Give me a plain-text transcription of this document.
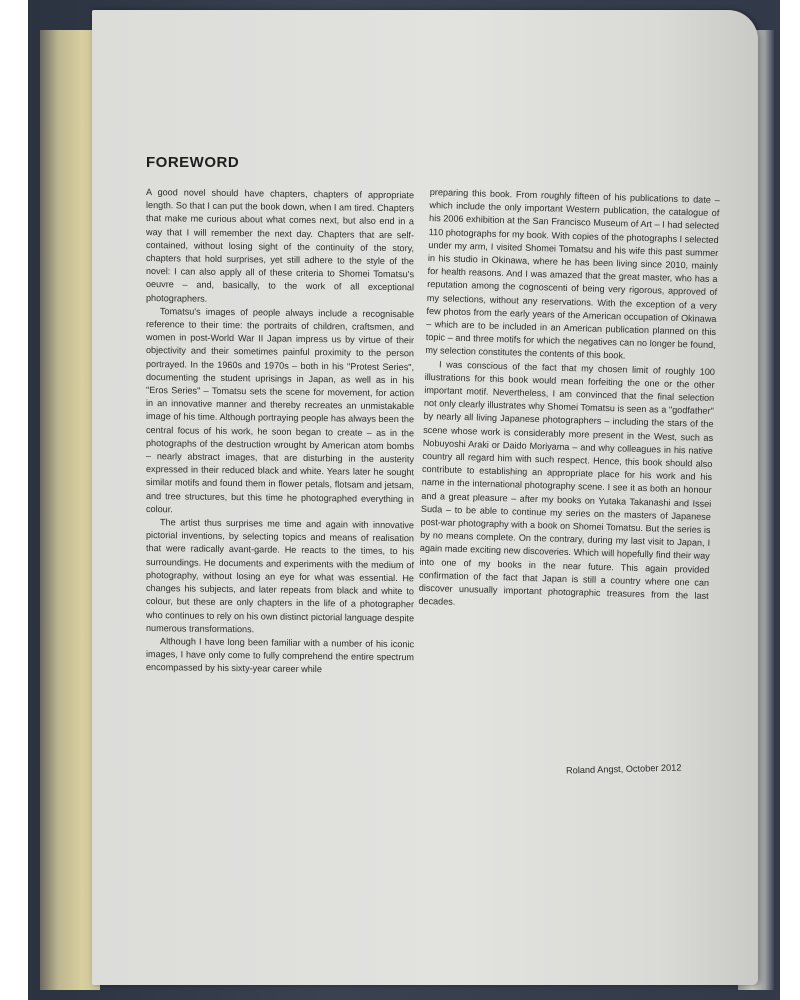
FOREWORD

A good novel should have chapters, chapters of appropriate length. So that I can put the book down, when I am tired. Chapters that make me curious about what comes next, but also end in a way that I will remember the next day. Chapters that are self-contained, without losing sight of the continuity of the story, chapters that hold surprises, yet still adhere to the style of the novel: I can also apply all of these criteria to Shomei Tomatsu's oeuvre – and, basically, to the work of all exceptional photographers.

Tomatsu's images of people always include a recognisable reference to their time: the portraits of children, craftsmen, and women in post-World War II Japan impress us by virtue of their objectivity and their sometimes painful proximity to the person portrayed. In the 1960s and 1970s – both in his "Protest Series", documenting the student uprisings in Japan, as well as in his "Eros Series" – Tomatsu sets the scene for movement, for action in an innovative manner and thereby recreates an unmistakable image of his time. Although portraying people has always been the central focus of his work, he soon began to create – as in the photographs of the destruction wrought by American atom bombs – nearly abstract images, that are disturbing in the austerity expressed in their reduced black and white. Years later he sought similar motifs and found them in flower petals, flotsam and jetsam, and tree structures, but this time he photographed everything in colour.

The artist thus surprises me time and again with innovative pictorial inventions, by selecting topics and means of realisation that were radically avant-garde. He reacts to the times, to his surroundings. He documents and experiments with the medium of photography, without losing an eye for what was essential. He changes his subjects, and later repeats from black and white to colour, but these are only chapters in the life of a photographer who continues to rely on his own distinct pictorial language despite numerous transformations.

Although I have long been familiar with a number of his iconic images, I have only come to fully comprehend the entire spectrum encompassed by his sixty-year career while

preparing this book. From roughly fifteen of his publications to date – which include the only important Western publication, the catalogue of his 2006 exhibition at the San Francisco Museum of Art – I had selected 110 photographs for my book. With copies of the photographs I selected under my arm, I visited Shomei Tomatsu and his wife this past summer in his studio in Okinawa, where he has been living since 2010, mainly for health reasons. And I was amazed that the great master, who has a reputation among the cognoscenti of being very rigorous, approved of my selections, without any reservations. With the exception of a very few photos from the early years of the American occupation of Okinawa – which are to be included in an American publication planned on this topic – and three motifs for which the negatives can no longer be found, my selection constitutes the contents of this book.

I was conscious of the fact that my chosen limit of roughly 100 illustrations for this book would mean forfeiting the one or the other important motif. Nevertheless, I am convinced that the final selection not only clearly illustrates why Shomei Tomatsu is seen as a "godfather" by nearly all living Japanese photographers – including the stars of the scene whose work is considerably more present in the West, such as Nobuyoshi Araki or Daido Moriyama – and why colleagues in his native country all regard him with such respect. Hence, this book should also contribute to establishing an appropriate place for his work and his name in the international photography scene. I see it as both an honour and a great pleasure – after my books on Yutaka Takanashi and Issei Suda – to be able to continue my series on the masters of Japanese post-war photography with a book on Shomei Tomatsu. But the series is by no means complete. On the contrary, during my last visit to Japan, I again made exciting new discoveries. Which will hopefully find their way into one of my books in the near future. This again provided confirmation of the fact that Japan is still a country where one can discover unusually important photographic treasures from the last decades.

Roland Angst, October 2012
